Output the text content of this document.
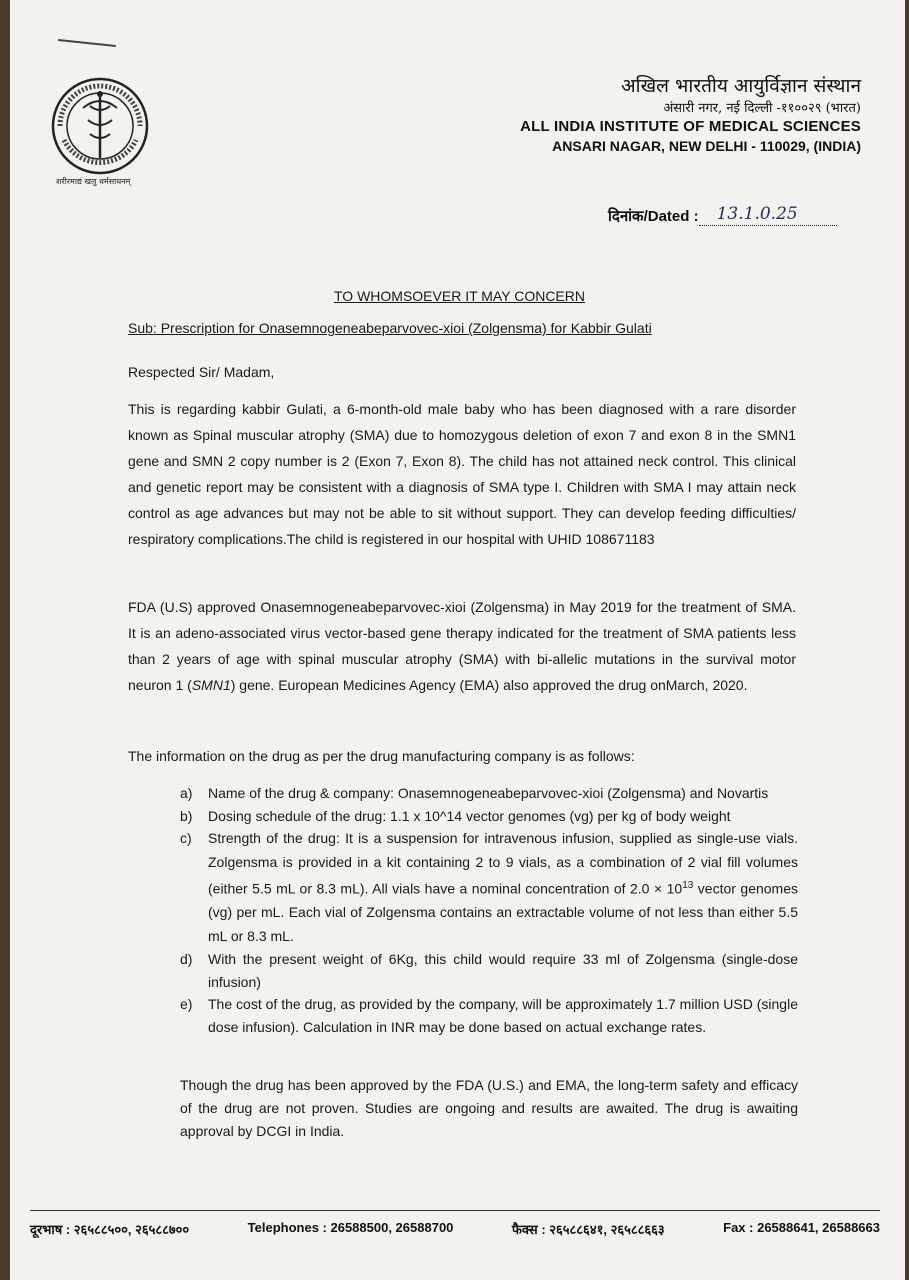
शरीरमाद्यं खलु धर्मसाधनम्
अखिल भारतीय आयुर्विज्ञान संस्थान
अंसारी नगर, नई दिल्ली -११००२९ (भारत)
ALL INDIA INSTITUTE OF MEDICAL SCIENCES
ANSARI NAGAR, NEW DELHI - 110029, (INDIA)
दिनांक/Dated : 13.1.0.25
TO WHOMSOEVER IT MAY CONCERN
Sub: Prescription for Onasemnogeneabeparvovec-xioi (Zolgensma) for Kabbir Gulati
Respected Sir/ Madam,
This is regarding kabbir Gulati, a 6-month-old male baby who has been diagnosed with a rare disorder known as Spinal muscular atrophy (SMA) due to homozygous deletion of exon 7 and exon 8 in the SMN1 gene and SMN 2 copy number is 2 (Exon 7, Exon 8). The child has not attained neck control. This clinical and genetic report may be consistent with a diagnosis of SMA type I. Children with SMA I may attain neck control as age advances but may not be able to sit without support. They can develop feeding difficulties/ respiratory complications.The child is registered in our hospital with UHID 108671183
FDA (U.S) approved Onasemnogeneabeparvovec-xioi (Zolgensma) in May 2019 for the treatment of SMA. It is an adeno-associated virus vector-based gene therapy indicated for the treatment of SMA patients less than 2 years of age with spinal muscular atrophy (SMA) with bi-allelic mutations in the survival motor neuron 1 (SMN1) gene. European Medicines Agency (EMA) also approved the drug onMarch, 2020.
The information on the drug as per the drug manufacturing company is as follows:
a) Name of the drug & company: Onasemnogeneabeparvovec-xioi (Zolgensma) and Novartis
b) Dosing schedule of the drug: 1.1 x 10^14 vector genomes (vg) per kg of body weight
c) Strength of the drug: It is a suspension for intravenous infusion, supplied as single-use vials. Zolgensma is provided in a kit containing 2 to 9 vials, as a combination of 2 vial fill volumes (either 5.5 mL or 8.3 mL). All vials have a nominal concentration of $2.0 \times 10^{13}$ vector genomes (vg) per mL. Each vial of Zolgensma contains an extractable volume of not less than either 5.5 mL or 8.3 mL.
d) With the present weight of 6Kg, this child would require 33 ml of Zolgensma (single-dose infusion)
e) The cost of the drug, as provided by the company, will be approximately 1.7 million USD (single dose infusion). Calculation in INR may be done based on actual exchange rates.
Though the drug has been approved by the FDA (U.S.) and EMA, the long-term safety and efficacy of the drug are not proven. Studies are ongoing and results are awaited. The drug is awaiting approval by DCGI in India.
दूरभाष : २६५८८५००, २६५८८७००	Telephones : 26588500, 26588700	फैक्स : २६५८८६४१, २६५८८६६३	Fax : 26588641, 26588663
